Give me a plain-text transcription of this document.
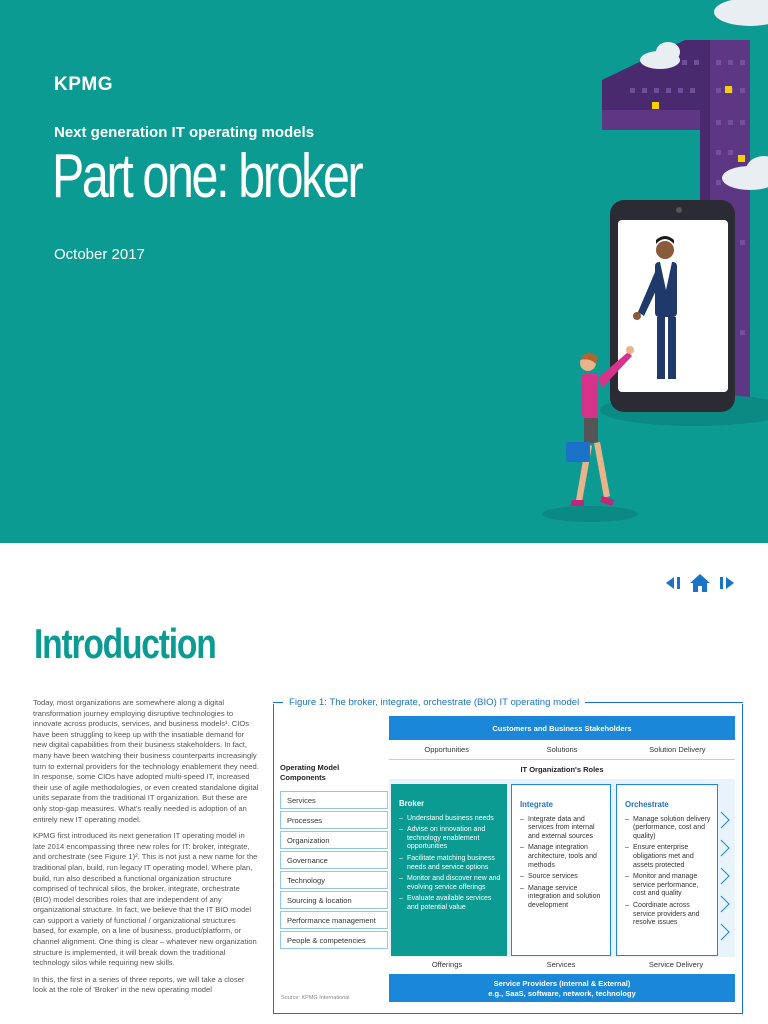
KPMG
Next generation IT operating models
Part one: broker
October 2017
Introduction

Today, most organizations are somewhere along a digital transformation journey employing disruptive technologies to innovate across products, services, and business models¹. CIOs have been struggling to keep up with the insatiable demand for new digital capabilities from their business stakeholders. In fact, many have been watching their business counterparts increasingly turn to external providers for the technology enablement they need. In response, some CIOs have adopted multi-speed IT, increased their use of agile methodologies, or even created standalone digital units separate from the traditional IT organization. But these are only stop-gap measures. What's really needed is adoption of an entirely new IT operating model.

KPMG first introduced its next generation IT operating model in late 2014 encompassing three new roles for IT: broker, integrate, and orchestrate (see Figure 1)². This is not just a new name for the traditional plan, build, run legacy IT operating model. Where plan, build, run also described a functional organization structure comprised of technical silos, the broker, integrate, orchestrate (BIO) model describes roles that are independent of any organizational structure. In fact, we believe that the IT BIO model can support a variety of functional / organizational structures based, for example, on a line of business, product/platform, or channel alignment. One thing is clear – whatever new organization structure is implemented, it will break down the traditional technology silos while requiring new skills.

In this, the first in a series of three reports, we will take a closer look at the role of 'Broker' in the new operating model

Figure 1: The broker, integrate, orchestrate (BIO) IT operating model
Customers and Business Stakeholders
Opportunities	Solutions	Solution Delivery
IT Organization's Roles
Operating Model Components
Services
Processes
Organization
Governance
Technology
Sourcing & location
Performance management
People & competencies
Broker
– Understand business needs
– Advise on innovation and technology enablement opportunities
– Facilitate matching business needs and service options
– Monitor and discover new and evolving service offerings
– Evaluate available services and potential value
Integrate
– Integrate data and services from internal and external sources
– Manage integration architecture, tools and methods
– Source services
– Manage service integration and solution development
Orchestrate
– Manage solution delivery (performance, cost and quality)
– Ensure enterprise obligations met and assets protected
– Monitor and manage service performance, cost and quality
– Coordinate across service providers and resolve issues
Offerings	Services	Service Delivery
Service Providers (Internal & External)
e.g., SaaS, software, network, technology
Source: KPMG International
